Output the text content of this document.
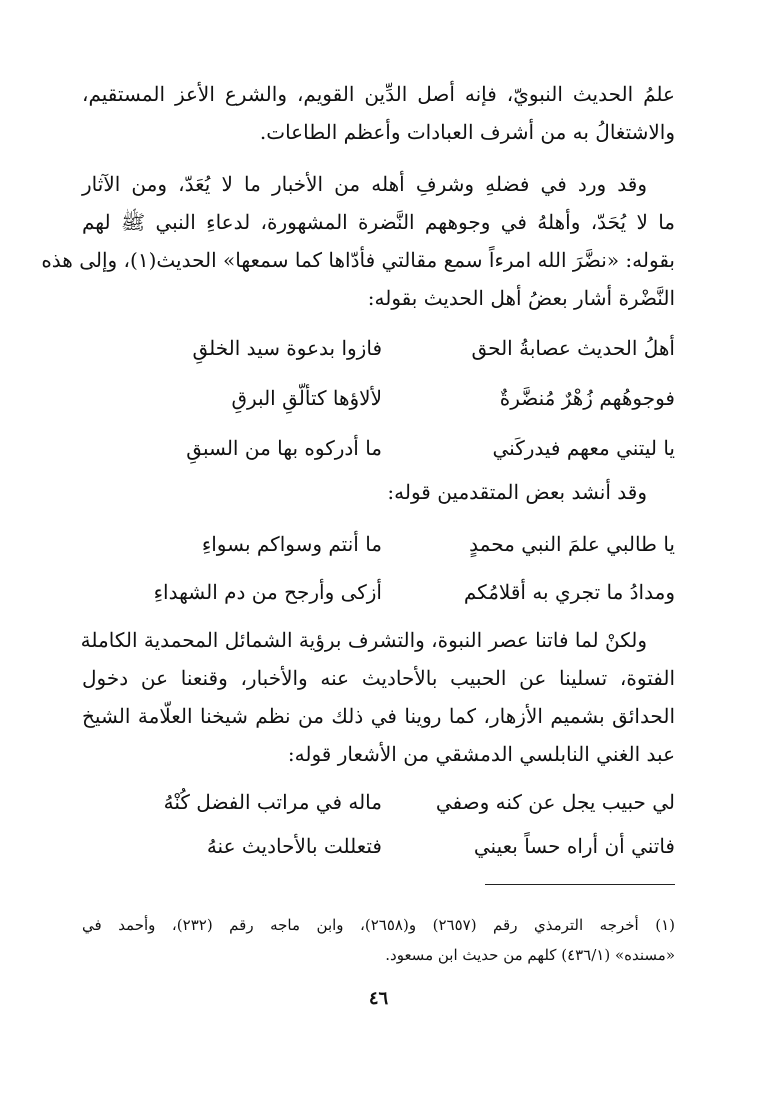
علمُ الحديث النبويّ، فإنه أصل الدِّين القويم، والشرع الأعز المستقيم،
والاشتغالُ به من أشرف العبادات وأعظم الطاعات.
وقد ورد في فضلهِ وشرفِ أهله من الأخبار ما لا يُعَدّ، ومن الآثار
ما لا يُحَدّ، وأهلهُ في وجوههم النَّضرة المشهورة، لدعاءِ النبي ﷺ لهم
بقوله: «نضَّرَ الله امرءاً سمع مقالتي فأدّاها كما سمعها» الحديث(١)، وإلى هذه
النَّضْرة أشار بعضُ أهل الحديث بقوله:
أهلُ الحديث عصابةُ الحق
فازوا بدعوة سيد الخلقِ
فوجوهُهم زُهْرٌ مُنضَّرةٌ
لألاؤها كتألّقِ البرقِ
يا ليتني معهم فيدركَني
ما أدركوه بها من السبقِ
وقد أنشد بعض المتقدمين قوله:
يا طالبي علمَ النبي محمدٍ
ما أنتم وسواكم بسواءِ
ومدادُ ما تجري به أقلامُكم
أزكى وأرجح من دم الشهداءِ
ولكنْ لما فاتنا عصر النبوة، والتشرف برؤية الشمائل المحمدية الكاملة
الفتوة، تسلينا عن الحبيب بالأحاديث عنه والأخبار، وقنعنا عن دخول
الحدائق بشميم الأزهار، كما روينا في ذلك من نظم شيخنا العلّامة الشيخ
عبد الغني النابلسي الدمشقي من الأشعار قوله:
لي حبيب يجل عن كنه وصفي
ماله في مراتب الفضل كُنْهُ
فاتني أن أراه حساً بعيني
فتعللت بالأحاديث عنهُ
(١) أخرجه الترمذي رقم (٢٦٥٧) و(٢٦٥٨)، وابن ماجه رقم (٢٣٢)، وأحمد في
«مسنده» (٤٣٦/١) كلهم من حديث ابن مسعود.
٤٦
